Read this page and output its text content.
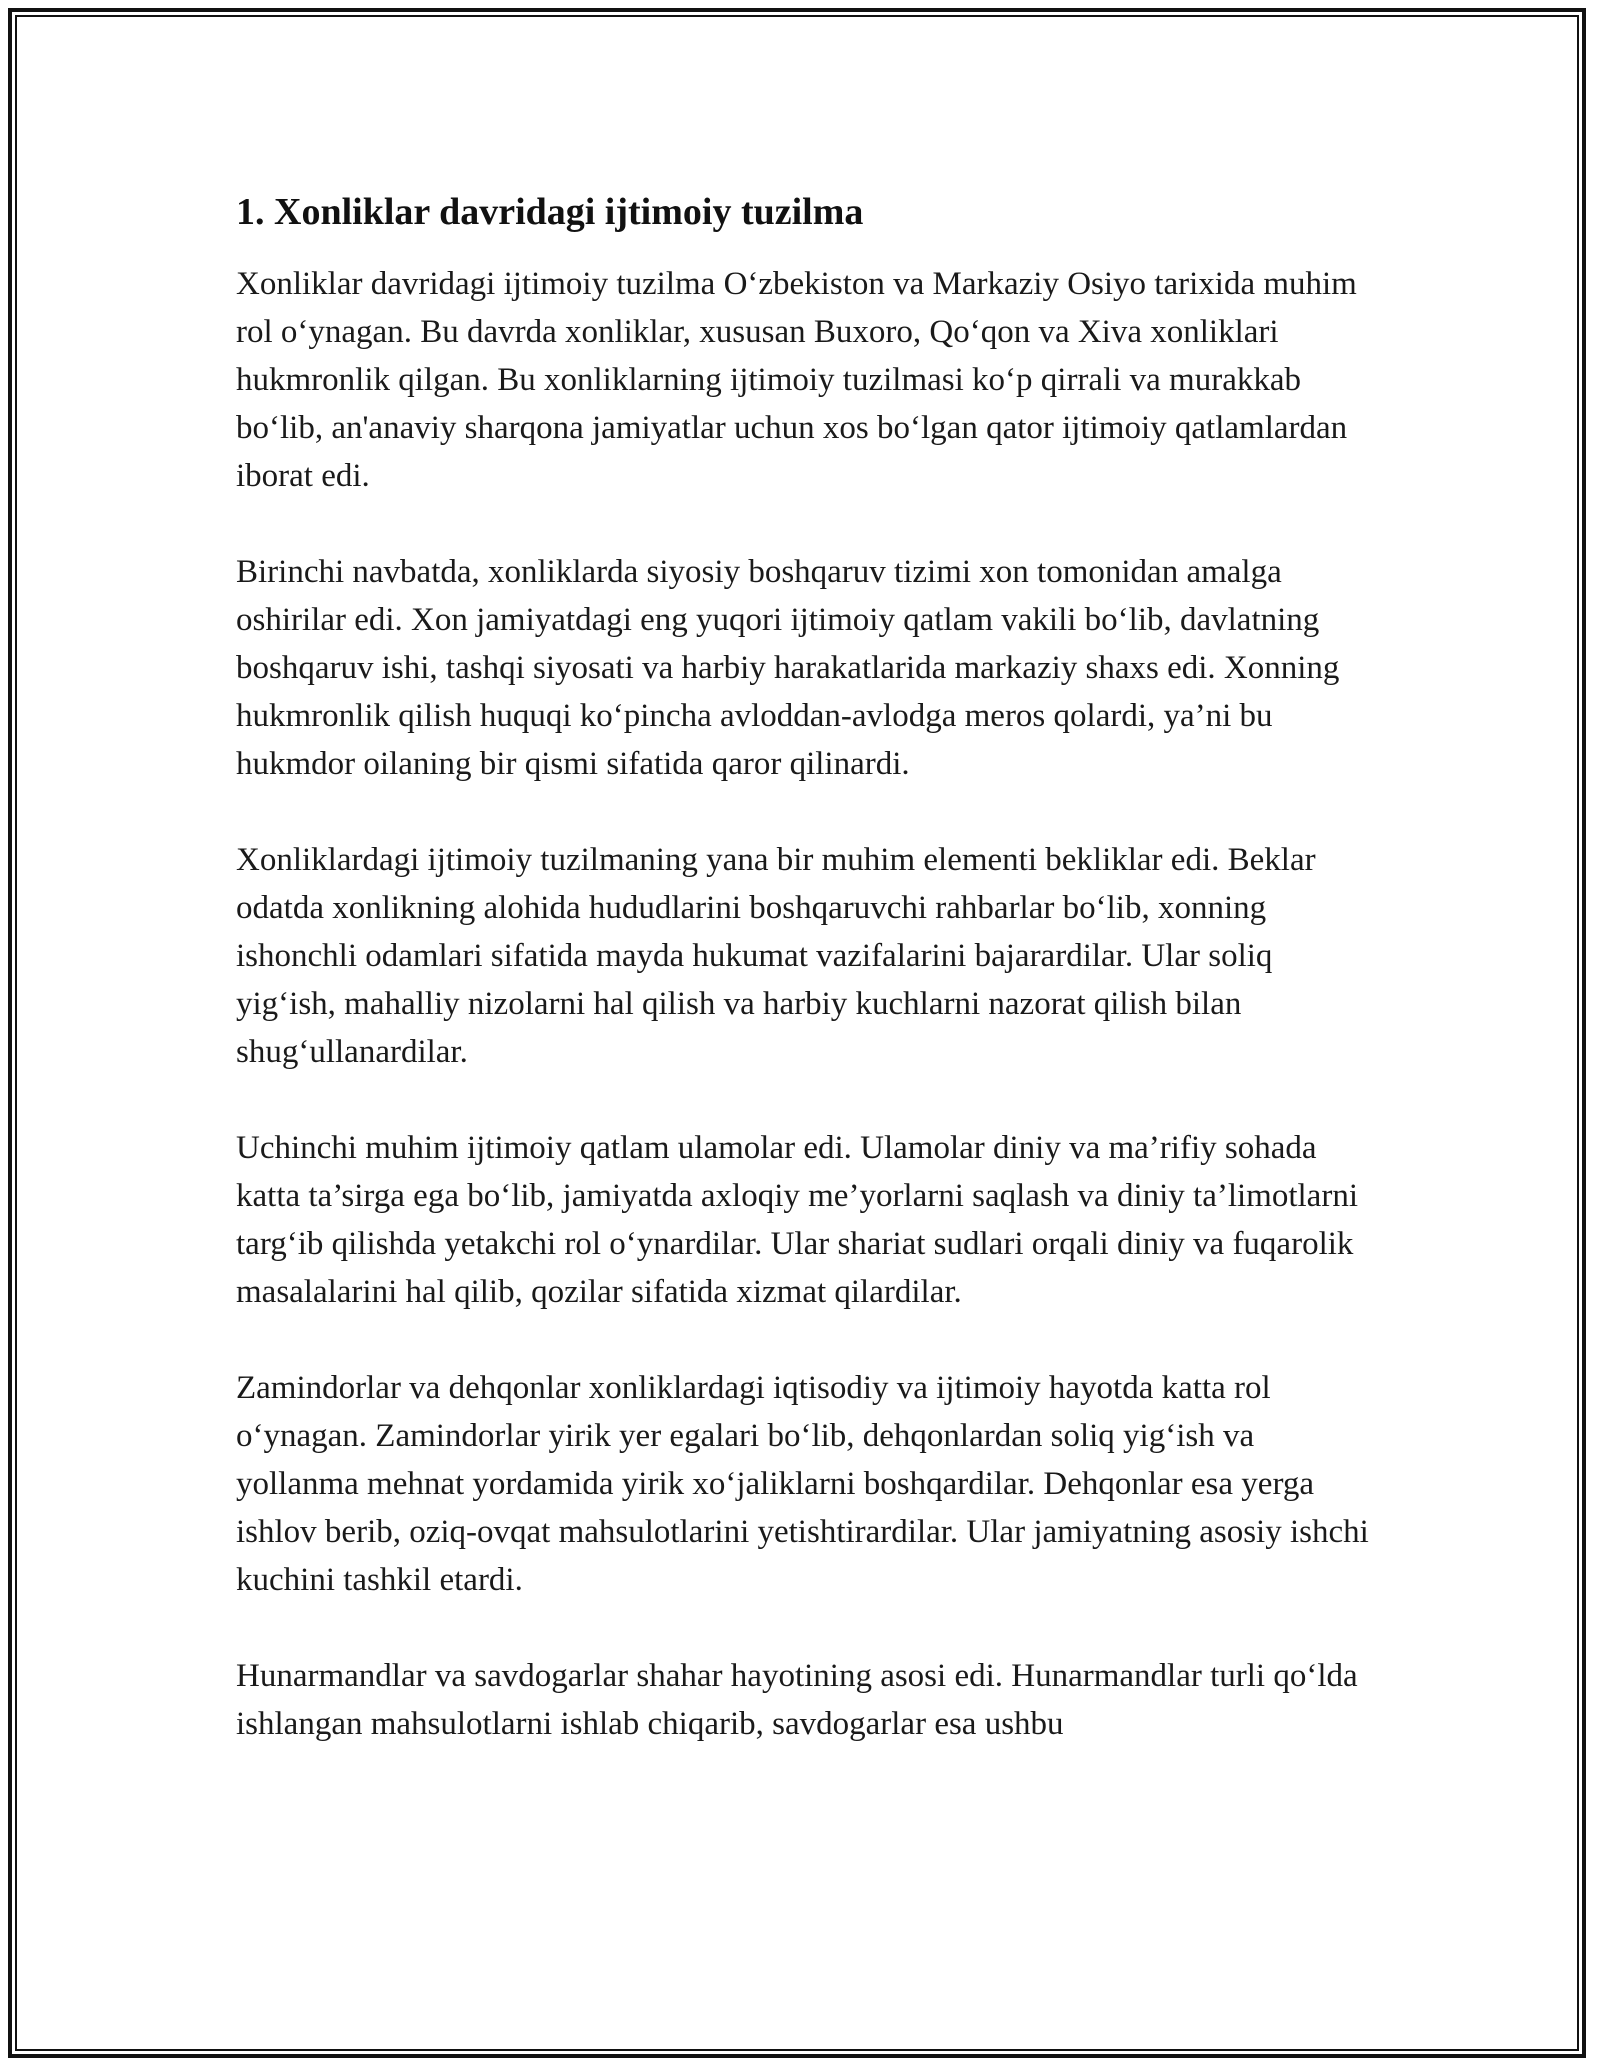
1. Xonliklar davridagi ijtimoiy tuzilma

Xonliklar davridagi ijtimoiy tuzilma O‘zbekiston va Markaziy Osiyo tarixida muhim rol o‘ynagan. Bu davrda xonliklar, xususan Buxoro, Qo‘qon va Xiva xonliklari hukmronlik qilgan. Bu xonliklarning ijtimoiy tuzilmasi ko‘p qirrali va murakkab bo‘lib, an'anaviy sharqona jamiyatlar uchun xos bo‘lgan qator ijtimoiy qatlamlardan iborat edi.

Birinchi navbatda, xonliklarda siyosiy boshqaruv tizimi xon tomonidan amalga oshirilar edi. Xon jamiyatdagi eng yuqori ijtimoiy qatlam vakili bo‘lib, davlatning boshqaruv ishi, tashqi siyosati va harbiy harakatlarida markaziy shaxs edi. Xonning hukmronlik qilish huquqi ko‘pincha avloddan-avlodga meros qolardi, ya’ni bu hukmdor oilaning bir qismi sifatida qaror qilinardi.

Xonliklardagi ijtimoiy tuzilmaning yana bir muhim elementi bekliklar edi. Beklar odatda xonlikning alohida hududlarini boshqaruvchi rahbarlar bo‘lib, xonning ishonchli odamlari sifatida mayda hukumat vazifalarini bajarardilar. Ular soliq yig‘ish, mahalliy nizolarni hal qilish va harbiy kuchlarni nazorat qilish bilan shug‘ullanardilar.

Uchinchi muhim ijtimoiy qatlam ulamolar edi. Ulamolar diniy va ma’rifiy sohada katta ta’sirga ega bo‘lib, jamiyatda axloqiy me’yorlarni saqlash va diniy ta’limotlarni targ‘ib qilishda yetakchi rol o‘ynardilar. Ular shariat sudlari orqali diniy va fuqarolik masalalarini hal qilib, qozilar sifatida xizmat qilardilar.

Zamindorlar va dehqonlar xonliklardagi iqtisodiy va ijtimoiy hayotda katta rol o‘ynagan. Zamindorlar yirik yer egalari bo‘lib, dehqonlardan soliq yig‘ish va yollanma mehnat yordamida yirik xo‘jaliklarni boshqardilar. Dehqonlar esa yerga ishlov berib, oziq-ovqat mahsulotlarini yetishtirardilar. Ular jamiyatning asosiy ishchi kuchini tashkil etardi.

Hunarmandlar va savdogarlar shahar hayotining asosi edi. Hunarmandlar turli qo‘lda ishlangan mahsulotlarni ishlab chiqarib, savdogarlar esa ushbu
